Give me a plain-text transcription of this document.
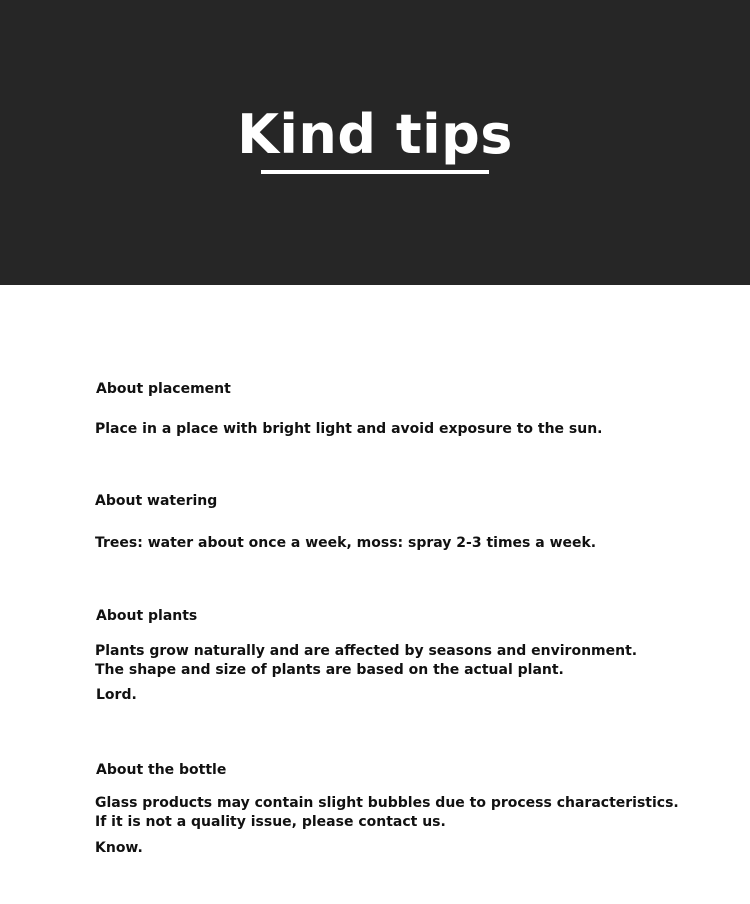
Kind tips
About placement
Place in a place with bright light and avoid exposure to the sun.
About watering
Trees: water about once a week, moss: spray 2-3 times a week.
About plants
Plants grow naturally and are affected by seasons and environment.
The shape and size of plants are based on the actual plant.
Lord.
About the bottle
Glass products may contain slight bubbles due to process characteristics.
If it is not a quality issue, please contact us.
Know.
